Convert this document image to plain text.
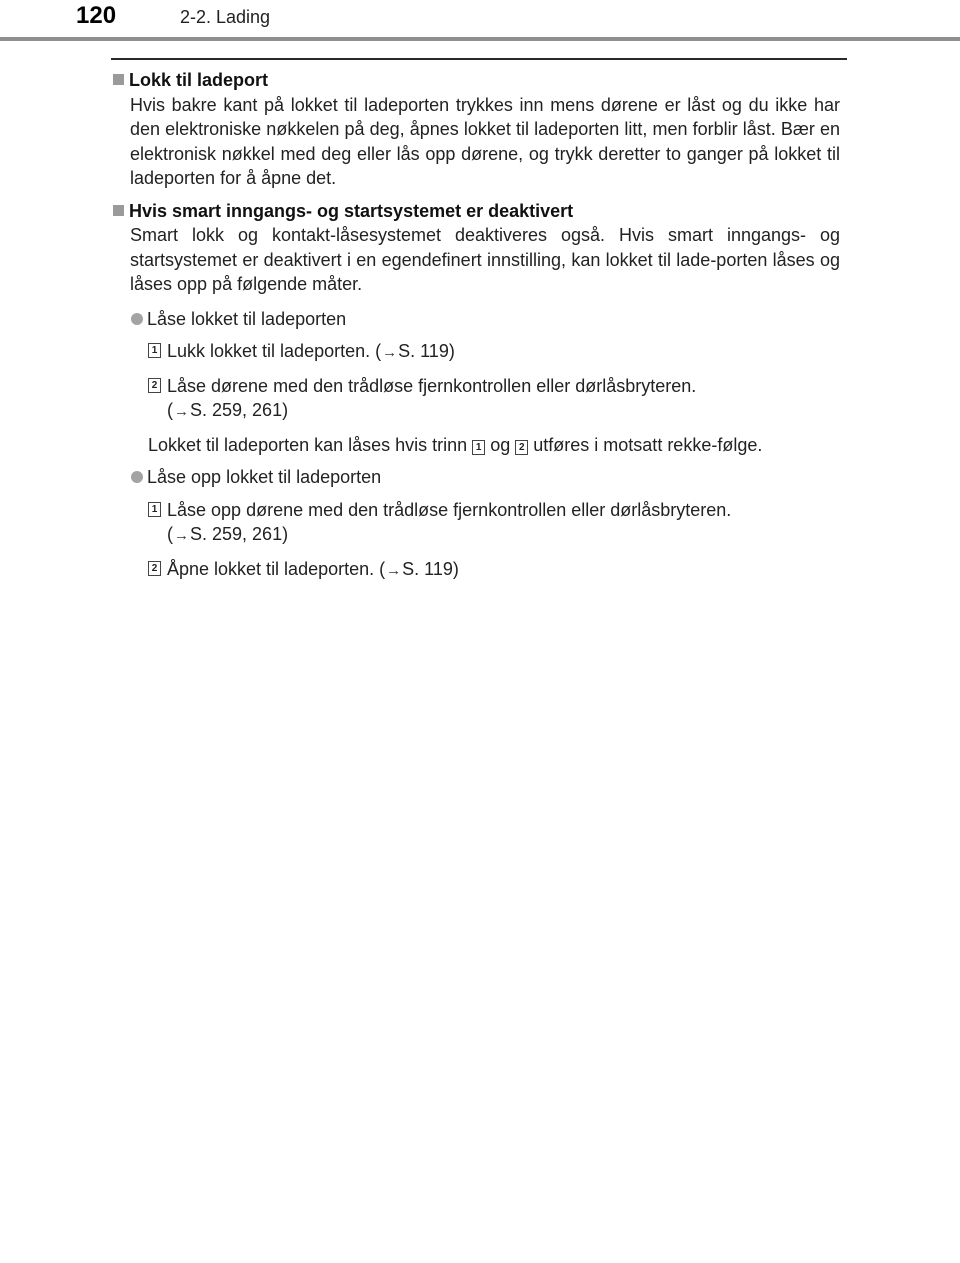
120	2-2. Lading
Lokk til ladeport
Hvis bakre kant på lokket til ladeporten trykkes inn mens dørene er låst og du ikke har den elektroniske nøkkelen på deg, åpnes lokket til ladeporten litt, men forblir låst. Bær en elektronisk nøkkel med deg eller lås opp dørene, og trykk deretter to ganger på lokket til ladeporten for å åpne det.
Hvis smart inngangs- og startsystemet er deaktivert
Smart lokk og kontakt-låsesystemet deaktiveres også. Hvis smart inngangs- og startsystemet er deaktivert i en egendefinert innstilling, kan lokket til lade-porten låses og låses opp på følgende måter.
Låse lokket til ladeporten
1 Lukk lokket til ladeporten. (→S. 119)
2 Låse dørene med den trådløse fjernkontrollen eller dørlåsbryteren.
(→S. 259, 261)
Lokket til ladeporten kan låses hvis trinn 1 og 2 utføres i motsatt rekke-følge.
Låse opp lokket til ladeporten
1 Låse opp dørene med den trådløse fjernkontrollen eller dørlåsbryteren.
(→S. 259, 261)
2 Åpne lokket til ladeporten. (→S. 119)
